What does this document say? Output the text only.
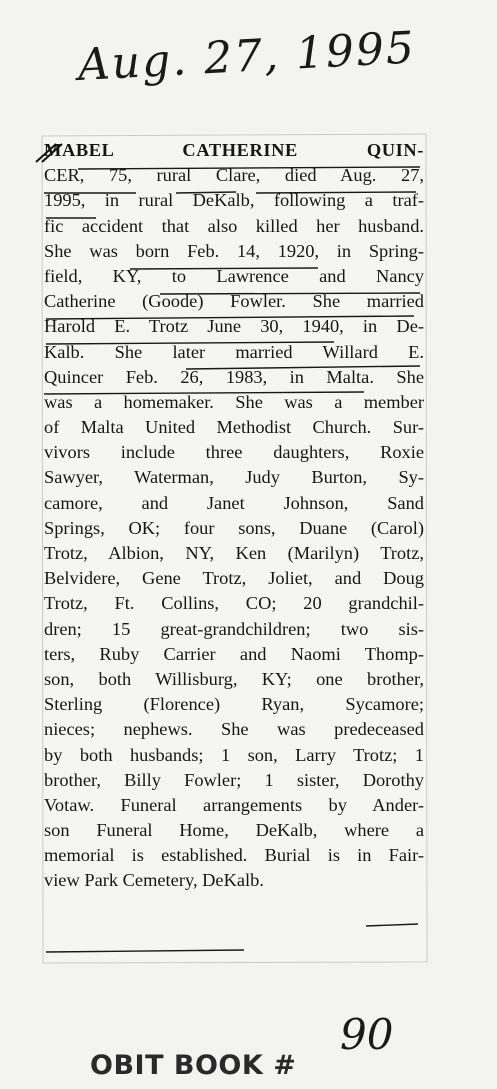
Aug. 27, 1995
MABEL CATHERINE QUIN-
CER, 75, rural Clare, died Aug. 27,
1995, in rural DeKalb, following a traf-
fic accident that also killed her husband.
She was born Feb. 14, 1920, in Spring-
field, KY, to Lawrence and Nancy
Catherine (Goode) Fowler. She married
Harold E. Trotz June 30, 1940, in De-
Kalb. She later married Willard E.
Quincer Feb. 26, 1983, in Malta. She
was a homemaker. She was a member
of Malta United Methodist Church. Sur-
vivors include three daughters, Roxie
Sawyer, Waterman, Judy Burton, Sy-
camore, and Janet Johnson, Sand
Springs, OK; four sons, Duane (Carol)
Trotz, Albion, NY, Ken (Marilyn) Trotz,
Belvidere, Gene Trotz, Joliet, and Doug
Trotz, Ft. Collins, CO; 20 grandchil-
dren; 15 great-grandchildren; two sis-
ters, Ruby Carrier and Naomi Thomp-
son, both Willisburg, KY; one brother,
Sterling (Florence) Ryan, Sycamore;
nieces; nephews. She was predeceased
by both husbands; 1 son, Larry Trotz; 1
brother, Billy Fowler; 1 sister, Dorothy
Votaw. Funeral arrangements by Ander-
son Funeral Home, DeKalb, where a
memorial is established. Burial is in Fair-
view Park Cemetery, DeKalb.
OBIT BOOK #
90
